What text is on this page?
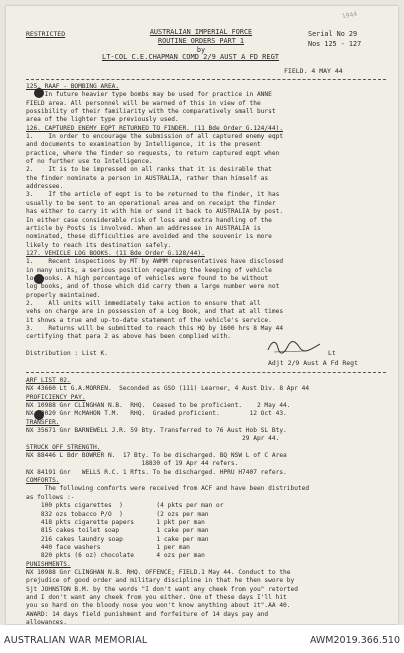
1944
RESTRICTED	AUSTRALIAN IMPERIAL FORCE
ROUTINE ORDERS PART 1
by
LT-COL C.E.CHAPMAN COMD 2/9 AUST A FD REGT
Serial No 29
Nos 125 - 127
FIELD. 4 MAY 44
125. RAAF - BOMBING AREA.
In future heavier type bombs may be used for practice in ANNE
FIELD area. All personnel will be warned of this in view of the
possibility of their familiarity with the comparatively small burst
area of the lighter type previously used.
126. CAPTURED ENEMY EQPT RETURNED TO FINDER. (11 Bde Order G.124/44).
1.    In order to encourage the submission of all captured enemy eqpt
and documents to examination by Intelligence, it is the present
practice, where the finder so requests, to return captured eqpt when
of no further use to Intelligence.
2.    It is to be impressed on all ranks that it is desirable that
the finder nominate a person in AUSTRALIA, rather than himself as
addressee.
3.    If the article of eqpt is to be returned to the finder, it has
usually to be sent to an operational area and on receipt the finder
has either to carry it with him or send it back to AUSTRALIA by post.
In either case considerable risk of loss and extra handling of the
article by Posts is involved. When an addressee in AUSTRALIA is
nominated, these difficulties are avoided and the souvenir is more
likely to reach its destination safely.
127. VEHICLE LOG BOOKS. (11 Bde Order G.128/44).
1.    Recent inspections by MT by AWMM representatives have disclosed
in many units, a serious position regarding the keeping of vehicle
log books. A high percentage of vehicles were found to be without
log books, and of those which did carry them a large number were not
properly maintained.
2.    All units will immediately take action to ensure that all
vehs on charge are in possession of a Log Book, and that at all times
it shows a true and up-to-date statement of the vehicle's service.
3.    Returns will be submitted to reach this HQ by 1600 hrs 8 May 44
certifying that para 2 as above has been complied with.

Distribution : List K.	Lt
Adjt 2/9 Aust A Fd Regt
ARF LIST 02.
NX 43660 Lt G.A.MORREN.  Seconded as GSO (111) Learner, 4 Aust Div. 8 Apr 44
PROFICIENCY PAY.
NX 10988 Gnr CLINGHAN N.B.  RHQ.  Ceased to be proficient.    2 May 44.
NX 39020 Gnr McMAHON T.M.   RHQ.  Graded proficient.        12 Oct 43.
TRANSFER.
NX 35671 Gnr BARNEWELL J.R. 59 Bty. Transferred to 76 Aust Hob SL Bty.
29 Apr 44.
STRUCK OFF STRENGTH.
NX 88446 L Bdr BOWRER N.  17 Bty. To be discharged. BQ NSW L of C Area
18830 of 19 Apr 44 refers.
NX 84191 Gnr   WELLS R.C. 1 Rfts. To be discharged. HPRU H7407 refers.
COMFORTS.
The following comforts were received from ACF and have been distributed
as follows :-
100 pkts cigarettes  )         (4 pkts per man or
832 ozs tobacco P/O  )         (2 ozs per man
418 pkts cigarette papers      1 pkt per man
815 cakes toilet soap          1 cake per man
216 cakes laundry soap         1 cake per man
440 face washers               1 per man
820 pkts (6 oz) chocolate      4 ozs per man
PUNISHMENTS.
NX 10988 Gnr CLINGHAN N.B. RHQ. OFFENCE; FIELD.1 May 44. Conduct to the
prejudice of good order and military discipline in that he then swore by
Sjt JOHNSTON B.M. by the words "I don't want any cheek from you" retorted
and I don't want any cheek from you either. One of these days I'll hit
you so hard on the bloody nose you won't know anything about it".AA 40.
AWARD: 14 days field punishment and forfeiture of 14 days pay and
allowances.
AUSTRALIAN WAR MEMORIAL	AWM2019.366.510
